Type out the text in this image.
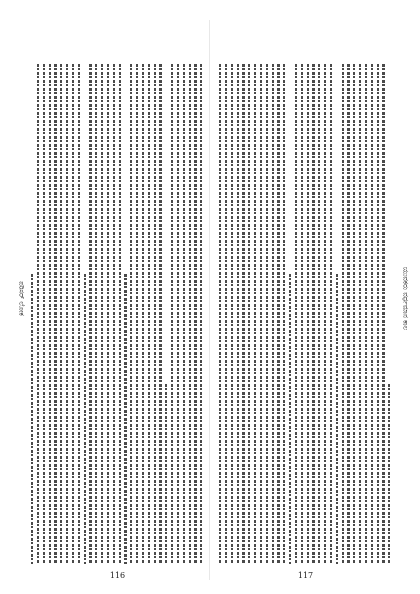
116	117
ಪರಿಸರ್ ಲೋಕ	ಯುವಕರು ವರ್ಧಮಾನ ಕಾಲ
